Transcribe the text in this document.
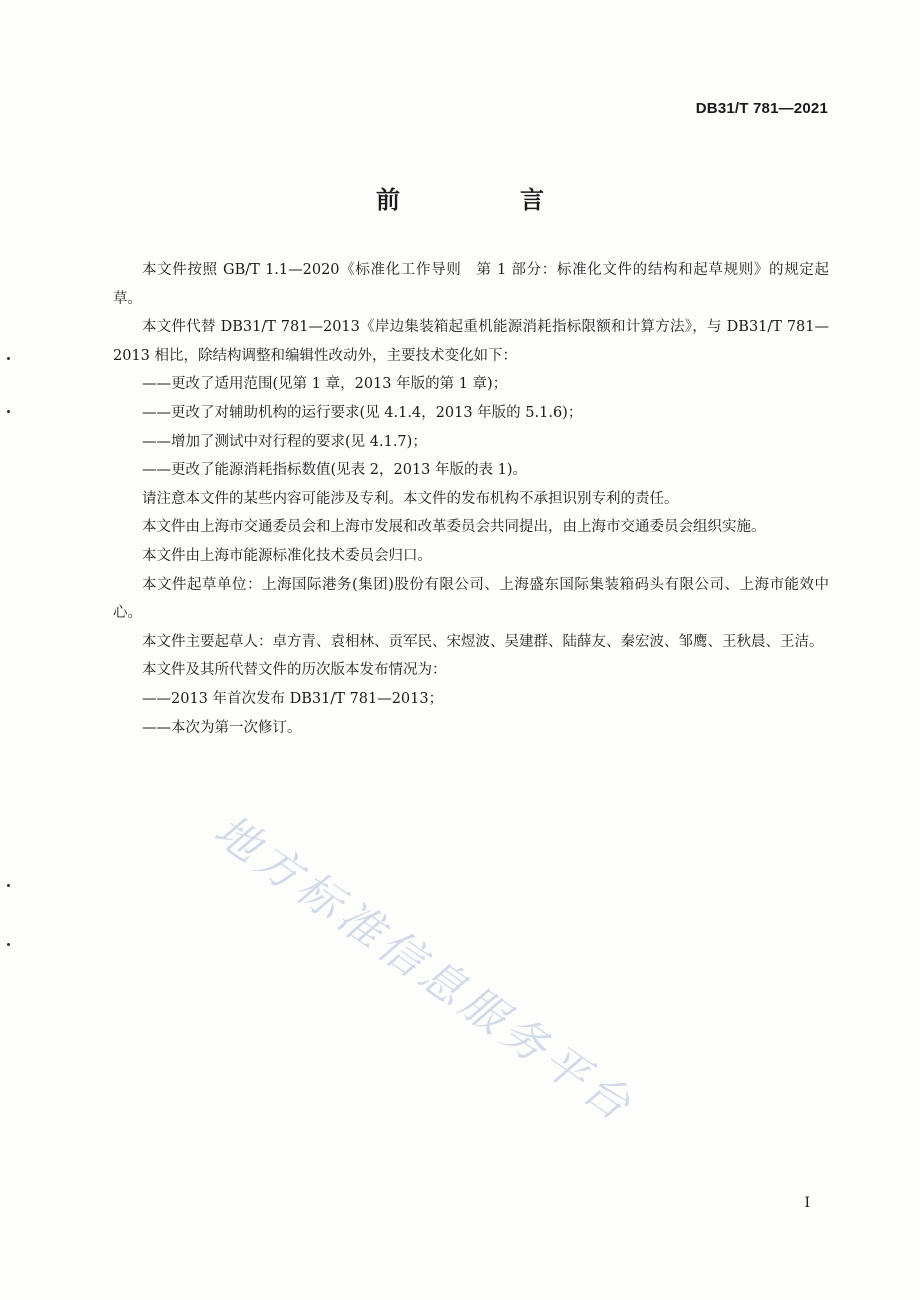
DB31/T 781—2021
前　言

本文件按照 GB/T 1.1—2020《标准化工作导则　第 1 部分：标准化文件的结构和起草规则》的规定起草。

本文件代替 DB31/T 781—2013《岸边集装箱起重机能源消耗指标限额和计算方法》，与 DB31/T 781—2013 相比，除结构调整和编辑性改动外，主要技术变化如下：

——更改了适用范围(见第 1 章，2013 年版的第 1 章)；

——更改了对辅助机构的运行要求(见 4.1.4，2013 年版的 5.1.6)；

——增加了测试中对行程的要求(见 4.1.7)；

——更改了能源消耗指标数值(见表 2，2013 年版的表 1)。

请注意本文件的某些内容可能涉及专利。本文件的发布机构不承担识别专利的责任。

本文件由上海市交通委员会和上海市发展和改革委员会共同提出，由上海市交通委员会组织实施。

本文件由上海市能源标准化技术委员会归口。

本文件起草单位：上海国际港务(集团)股份有限公司、上海盛东国际集装箱码头有限公司、上海市能效中心。

本文件主要起草人：卓方青、袁相林、贡军民、宋煜波、吴建群、陆薛友、秦宏波、邹鹰、王秋晨、王洁。

本文件及其所代替文件的历次版本发布情况为：

——2013 年首次发布 DB31/T 781—2013；

——本次为第一次修订。

地方标准信息服务平台
I
